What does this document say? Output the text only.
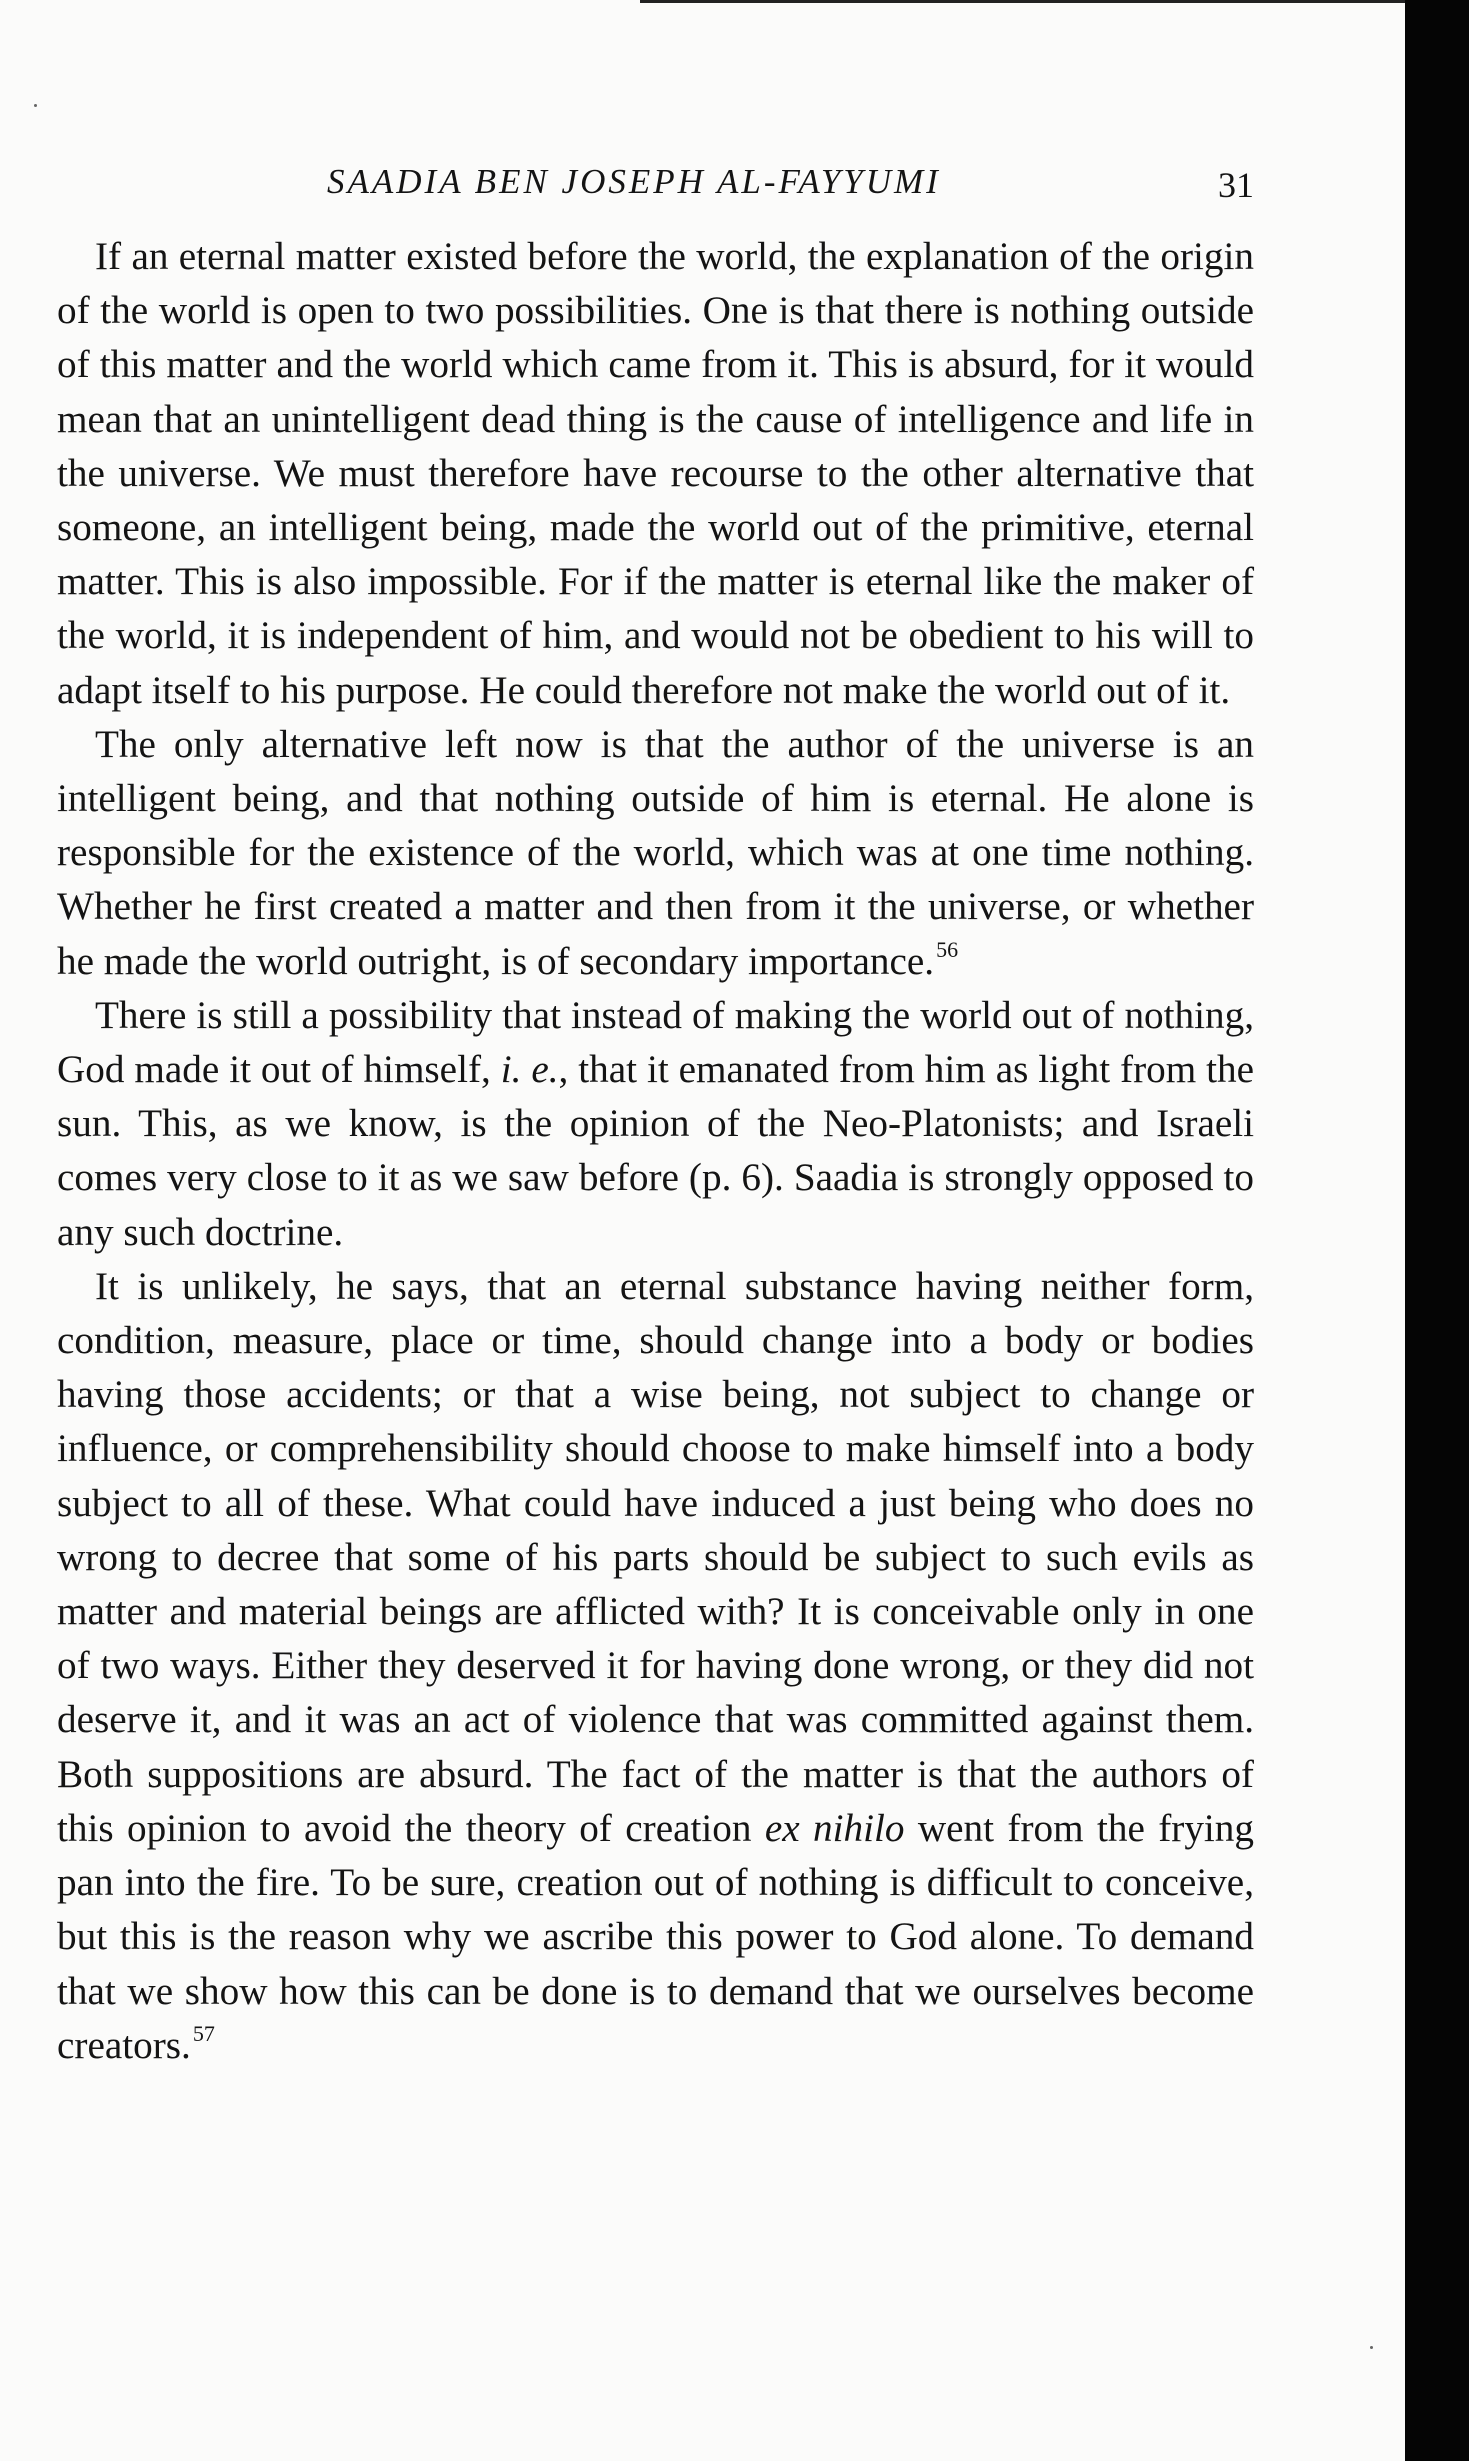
SAADIA BEN JOSEPH AL-FAYYUMI	31

If an eternal matter existed before the world, the explanation of the origin of the world is open to two possibilities. One is that there is nothing outside of this matter and the world which came from it. This is absurd, for it would mean that an unintelligent dead thing is the cause of intelligence and life in the universe. We must therefore have recourse to the other alternative that someone, an intelligent being, made the world out of the primitive, eternal matter. This is also impossible. For if the matter is eternal like the maker of the world, it is independent of him, and would not be obedient to his will to adapt itself to his purpose. He could therefore not make the world out of it.

The only alternative left now is that the author of the universe is an intelligent being, and that nothing outside of him is eternal. He alone is responsible for the existence of the world, which was at one time nothing. Whether he first created a matter and then from it the universe, or whether he made the world outright, is of secondary importance.$^{56}$

There is still a possibility that instead of making the world out of nothing, God made it out of himself, i. e., that it emanated from him as light from the sun. This, as we know, is the opinion of the Neo-Platonists; and Israeli comes very close to it as we saw before (p. 6). Saadia is strongly opposed to any such doctrine.

It is unlikely, he says, that an eternal substance having neither form, condition, measure, place or time, should change into a body or bodies having those accidents; or that a wise being, not subject to change or influence, or comprehensibility should choose to make himself into a body subject to all of these. What could have induced a just being who does no wrong to decree that some of his parts should be subject to such evils as matter and material beings are afflicted with? It is conceivable only in one of two ways. Either they deserved it for having done wrong, or they did not deserve it, and it was an act of violence that was committed against them. Both suppositions are absurd. The fact of the matter is that the authors of this opinion to avoid the theory of creation ex nihilo went from the frying pan into the fire. To be sure, creation out of nothing is difficult to conceive, but this is the reason why we ascribe this power to God alone. To demand that we show how this can be done is to demand that we ourselves become creators.$^{57}$
